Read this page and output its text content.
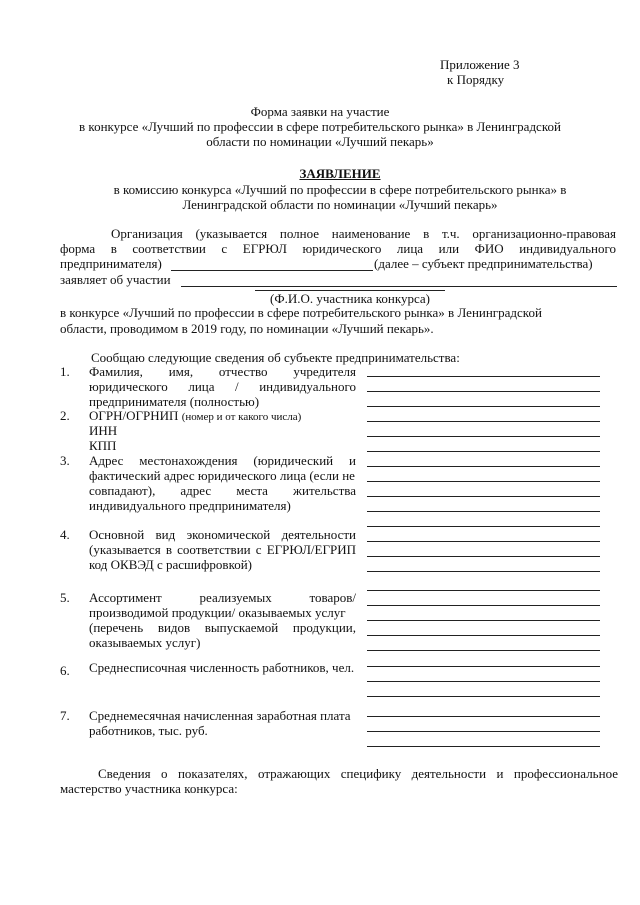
Приложение 3
к Порядку
Форма заявки на участие
в конкурсе «Лучший по профессии в сфере потребительского рынка» в Ленинградской
области по номинации «Лучший пекарь»
ЗАЯВЛЕНИЕ
в комиссию конкурса «Лучший по профессии в сфере потребительского рынка» в
Ленинградской области по номинации «Лучший пекарь»
Организация (указывается полное наименование в т.ч. организационно-правовая
форма в соответствии с ЕГРЮЛ юридического лица или ФИО индивидуального
предпринимателя)	(далее – субъект предпринимательства)
заявляет об участии
(Ф.И.О. участника конкурса)
в конкурсе «Лучший по профессии в сфере потребительского рынка» в Ленинградской
области, проводимом в 2019 году, по номинации «Лучший пекарь».
Сообщаю следующие сведения об субъекте предпринимательства:
1. Фамилия, имя, отчество учредителя
юридического лица / индивидуального
предпринимателя (полностью)
2. ОГРН/ОГРНИП (номер и от какого числа)
ИНН
КПП
3. Адрес местонахождения (юридический и
фактический адрес юридического лица (если не
совпадают), адрес места жительства
индивидуального предпринимателя)
4. Основной вид экономической деятельности
(указывается в соответствии с ЕГРЮЛ/ЕГРИП
код ОКВЭД с расшифровкой)
5. Ассортимент реализуемых товаров/
производимой продукции/ оказываемых услуг
(перечень видов выпускаемой продукции,
оказываемых услуг)
6. Среднесписочная численность работников, чел.
7. Среднемесячная начисленная заработная плата
работников, тыс. руб.
Сведения о показателях, отражающих специфику деятельности и профессиональное
мастерство участника конкурса:
